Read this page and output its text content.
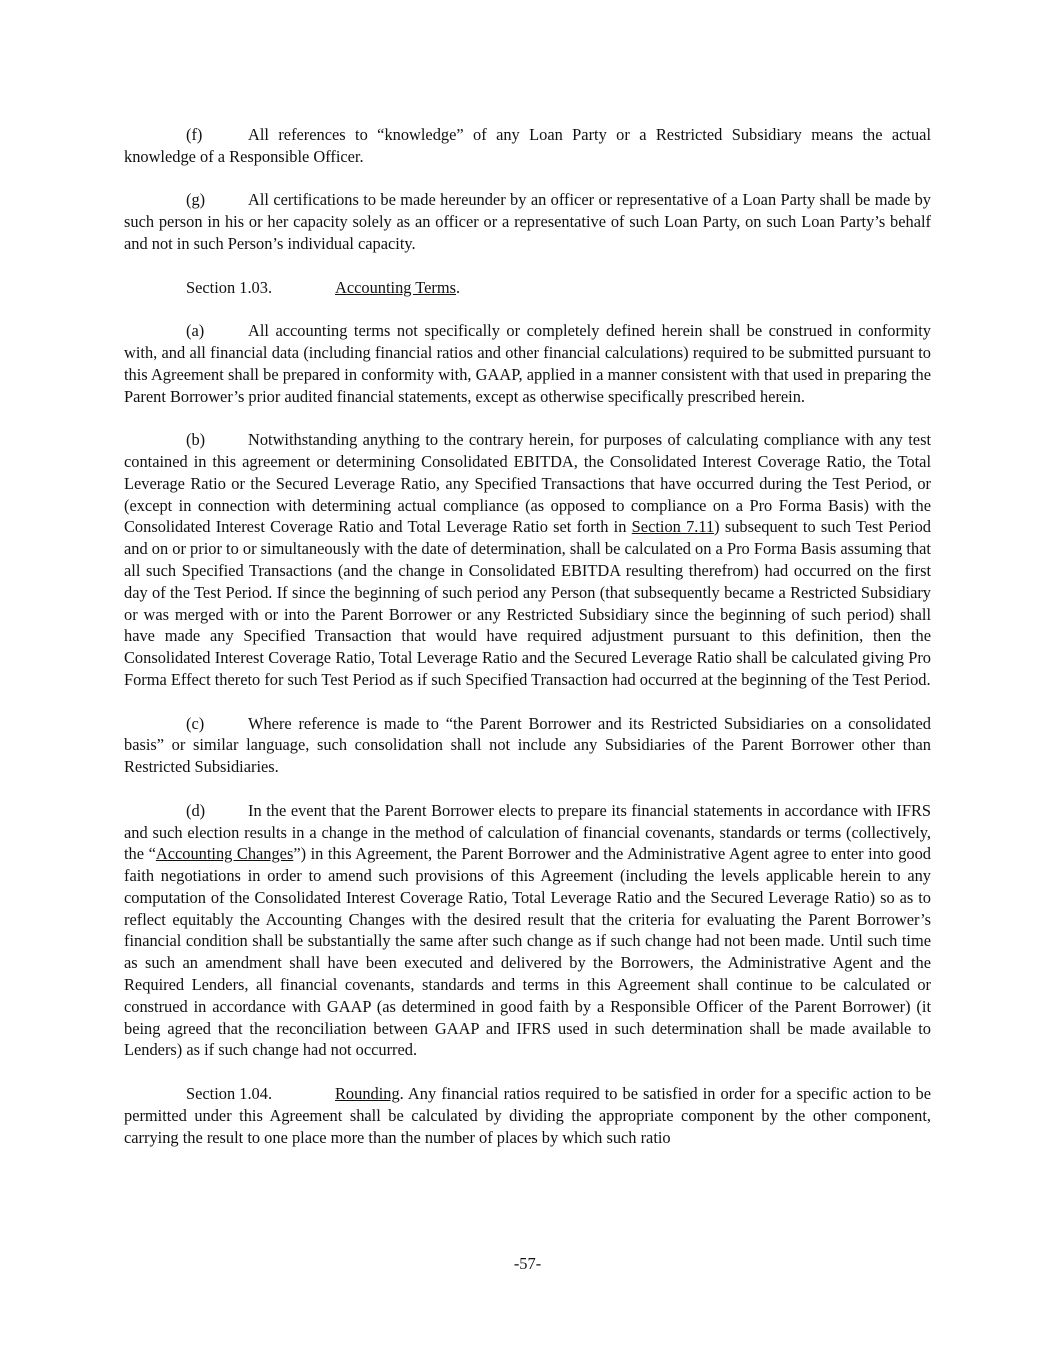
(f)	All references to “knowledge” of any Loan Party or a Restricted Subsidiary means the actual knowledge of a Responsible Officer.

(g)	All certifications to be made hereunder by an officer or representative of a Loan Party shall be made by such person in his or her capacity solely as an officer or a representative of such Loan Party, on such Loan Party’s behalf and not in such Person’s individual capacity.

Section 1.03.	Accounting Terms.

(a)	All accounting terms not specifically or completely defined herein shall be construed in conformity with, and all financial data (including financial ratios and other financial calculations) required to be submitted pursuant to this Agreement shall be prepared in conformity with, GAAP, applied in a manner consistent with that used in preparing the Parent Borrower’s prior audited financial statements, except as otherwise specifically prescribed herein.

(b)	Notwithstanding anything to the contrary herein, for purposes of calculating compliance with any test contained in this agreement or determining Consolidated EBITDA, the Consolidated Interest Coverage Ratio, the Total Leverage Ratio or the Secured Leverage Ratio, any Specified Transactions that have occurred during the Test Period, or (except in connection with determining actual compliance (as opposed to compliance on a Pro Forma Basis) with the Consolidated Interest Coverage Ratio and Total Leverage Ratio set forth in Section 7.11) subsequent to such Test Period and on or prior to or simultaneously with the date of determination, shall be calculated on a Pro Forma Basis assuming that all such Specified Transactions (and the change in Consolidated EBITDA resulting therefrom) had occurred on the first day of the Test Period. If since the beginning of such period any Person (that subsequently became a Restricted Subsidiary or was merged with or into the Parent Borrower or any Restricted Subsidiary since the beginning of such period) shall have made any Specified Transaction that would have required adjustment pursuant to this definition, then the Consolidated Interest Coverage Ratio, Total Leverage Ratio and the Secured Leverage Ratio shall be calculated giving Pro Forma Effect thereto for such Test Period as if such Specified Transaction had occurred at the beginning of the Test Period.

(c)	Where reference is made to “the Parent Borrower and its Restricted Subsidiaries on a consolidated basis” or similar language, such consolidation shall not include any Subsidiaries of the Parent Borrower other than Restricted Subsidiaries.

(d)	In the event that the Parent Borrower elects to prepare its financial statements in accordance with IFRS and such election results in a change in the method of calculation of financial covenants, standards or terms (collectively, the “Accounting Changes”) in this Agreement, the Parent Borrower and the Administrative Agent agree to enter into good faith negotiations in order to amend such provisions of this Agreement (including the levels applicable herein to any computation of the Consolidated Interest Coverage Ratio, Total Leverage Ratio and the Secured Leverage Ratio) so as to reflect equitably the Accounting Changes with the desired result that the criteria for evaluating the Parent Borrower’s financial condition shall be substantially the same after such change as if such change had not been made. Until such time as such an amendment shall have been executed and delivered by the Borrowers, the Administrative Agent and the Required Lenders, all financial covenants, standards and terms in this Agreement shall continue to be calculated or construed in accordance with GAAP (as determined in good faith by a Responsible Officer of the Parent Borrower) (it being agreed that the reconciliation between GAAP and IFRS used in such determination shall be made available to Lenders) as if such change had not occurred.

Section 1.04.	Rounding. Any financial ratios required to be satisfied in order for a specific action to be permitted under this Agreement shall be calculated by dividing the appropriate component by the other component, carrying the result to one place more than the number of places by which such ratio

-57-
